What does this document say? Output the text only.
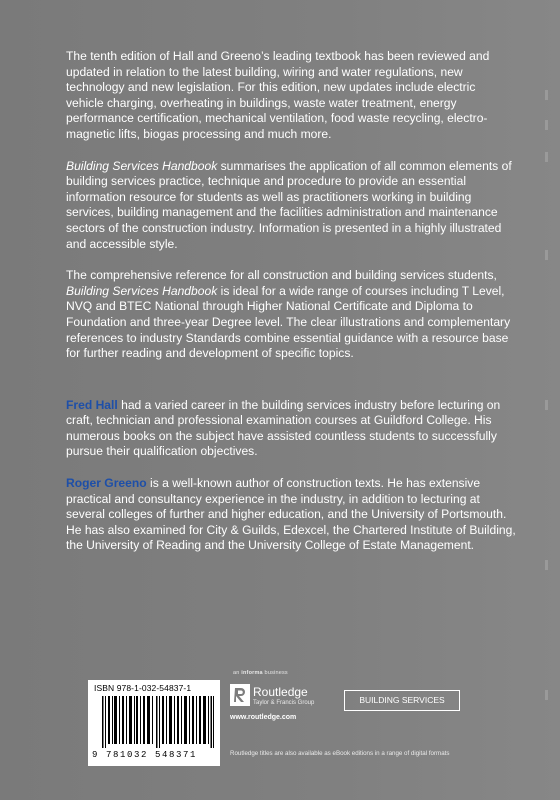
The tenth edition of Hall and Greeno’s leading textbook has been reviewed and updated in relation to the latest building, wiring and water regulations, new technology and new legislation. For this edition, new updates include electric vehicle charging, overheating in buildings, waste water treatment, energy performance certification, mechanical ventilation, food waste recycling, electro-magnetic lifts, biogas processing and much more.

Building Services Handbook summarises the application of all common elements of building services practice, technique and procedure to provide an essential information resource for students as well as practitioners working in building services, building management and the facilities administration and maintenance sectors of the construction industry. Information is presented in a highly illustrated and accessible style.

The comprehensive reference for all construction and building services students, Building Services Handbook is ideal for a wide range of courses including T Level, NVQ and BTEC National through Higher National Certificate and Diploma to Foundation and three-year Degree level. The clear illustrations and complementary references to industry Standards combine essential guidance with a resource base for further reading and development of specific topics.

Fred Hall had a varied career in the building services industry before lecturing on craft, technician and professional examination courses at Guildford College. His numerous books on the subject have assisted countless students to successfully pursue their qualification objectives.

Roger Greeno is a well-known author of construction texts. He has extensive practical and consultancy experience in the industry, in addition to lecturing at several colleges of further and higher education, and the University of Portsmouth. He has also examined for City & Guilds, Edexcel, the Chartered Institute of Building, the University of Reading and the University College of Estate Management.

an informa business
ISBN 978-1-032-54837-1
9 781032 548371
Routledge
Taylor & Francis Group
www.routledge.com
BUILDING SERVICES
Routledge titles are also available as eBook editions in a range of digital formats
